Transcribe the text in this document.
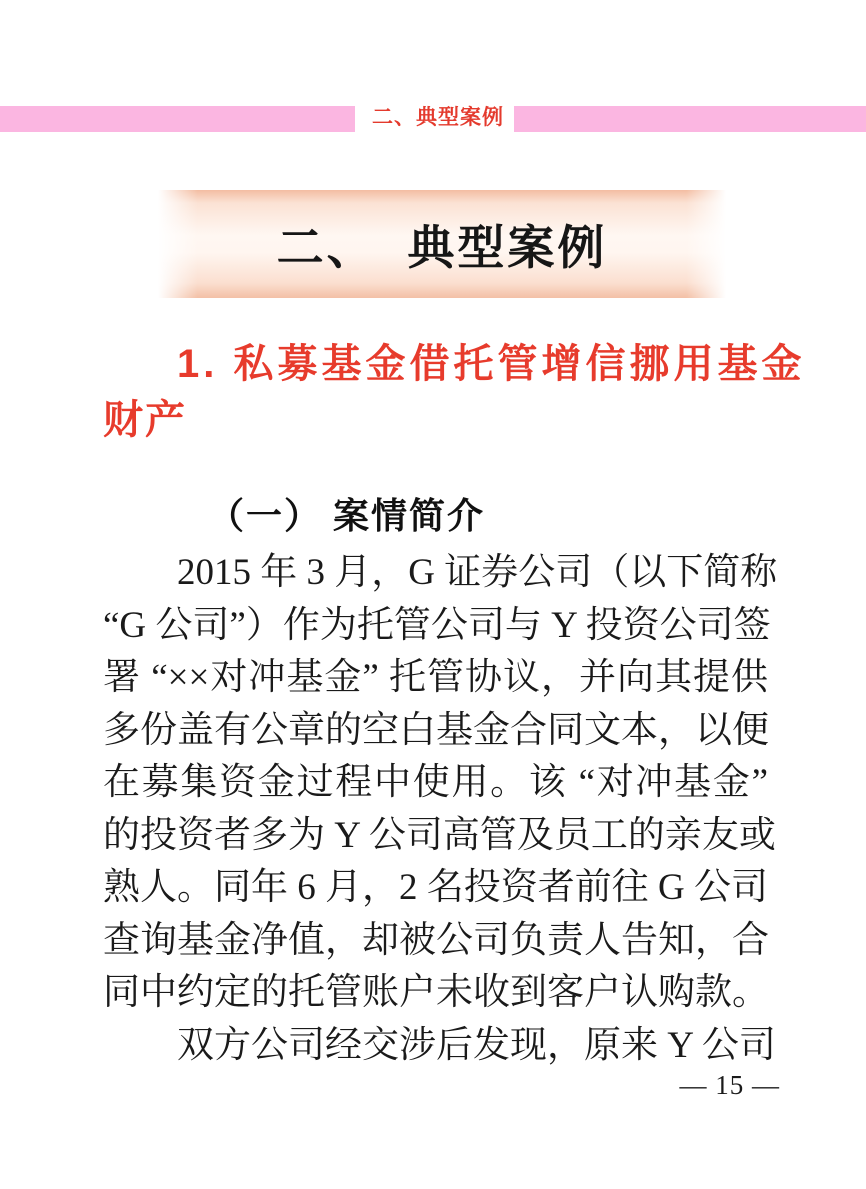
二、典型案例
二、 典型案例
1. 私募基金借托管增信挪用基金
财产
（一） 案情简介
2015 年 3 月，G 证券公司（以下简称
“G 公司”）作为托管公司与 Y 投资公司签
署 “××对冲基金” 托管协议，并向其提供
多份盖有公章的空白基金合同文本，以便
在募集资金过程中使用。该 “对冲基金”
的投资者多为 Y 公司高管及员工的亲友或
熟人。同年 6 月，2 名投资者前往 G 公司
查询基金净值，却被公司负责人告知，合
同中约定的托管账户未收到客户认购款。
双方公司经交涉后发现，原来 Y 公司
— 15 —
